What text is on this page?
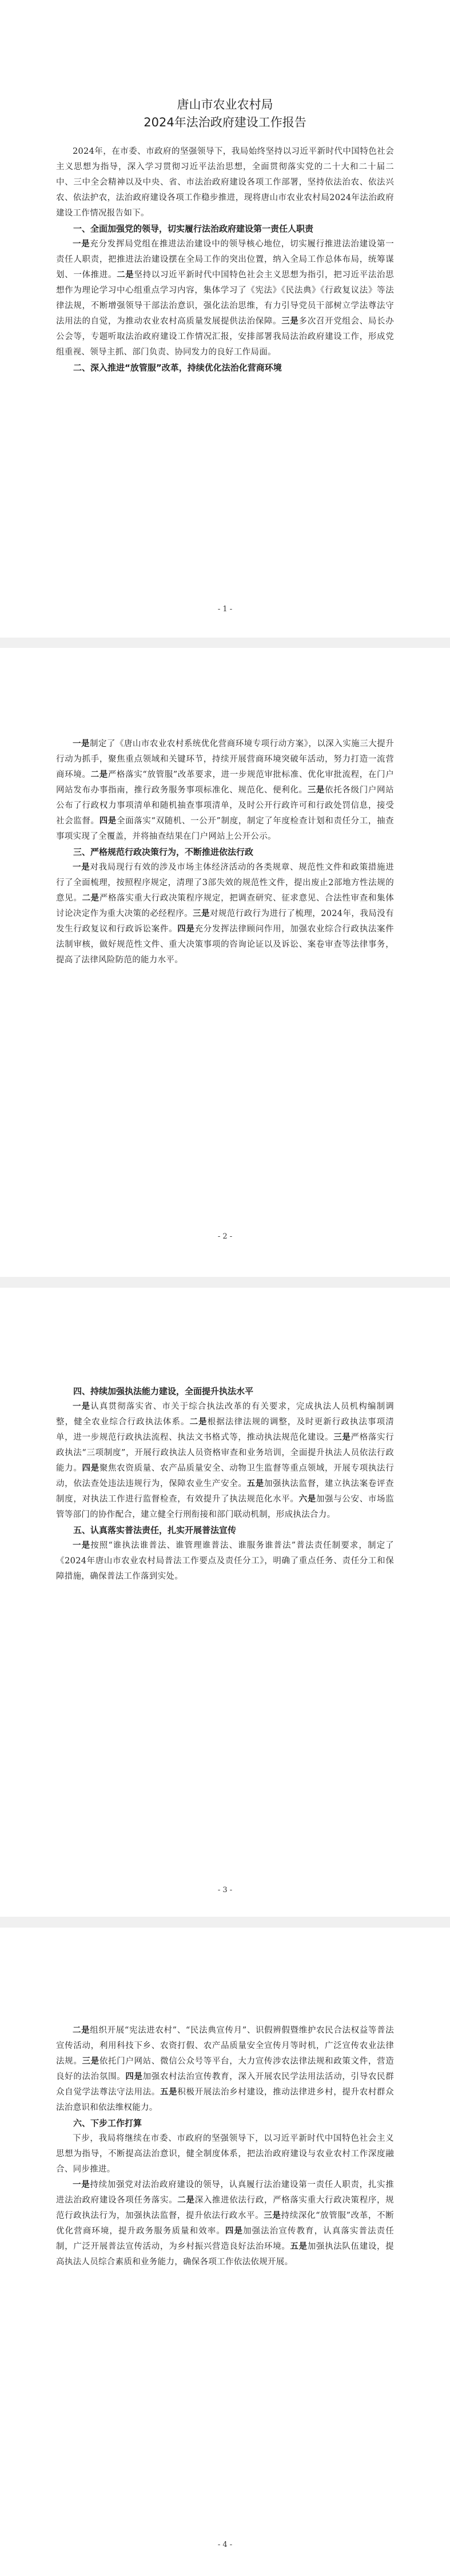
唐山市农业农村局
2024年法治政府建设工作报告

2024年，在市委、市政府的坚强领导下，我局始终坚持以习近平新时代中国特色社会主义思想为指导，深入学习贯彻习近平法治思想，全面贯彻落实党的二十大和二十届二中、三中全会精神以及中央、省、市法治政府建设各项工作部署，坚持依法治农、依法兴农、依法护农，法治政府建设各项工作稳步推进，现将唐山市农业农村局2024年法治政府建设工作情况报告如下。

一、全面加强党的领导，切实履行法治政府建设第一责任人职责

一是充分发挥局党组在推进法治建设中的领导核心地位，切实履行推进法治建设第一责任人职责，把推进法治建设摆在全局工作的突出位置，纳入全局工作总体布局，统筹谋划、一体推进。二是坚持以习近平新时代中国特色社会主义思想为指引，把习近平法治思想作为理论学习中心组重点学习内容，集体学习了《宪法》《民法典》《行政复议法》等法律法规，不断增强领导干部法治意识，强化法治思维，有力引导党员干部树立学法尊法守法用法的自觉，为推动农业农村高质量发展提供法治保障。三是多次召开党组会、局长办公会等，专题听取法治政府建设工作情况汇报，安排部署我局法治政府建设工作，形成党组重视、领导主抓、部门负责、协同发力的良好工作局面。

二、深入推进“放管服”改革，持续优化法治化营商环境
- 1 -

一是制定了《唐山市农业农村系统优化营商环境专项行动方案》，以深入实施三大提升行动为抓手，聚焦重点领域和关键环节，持续开展营商环境突破年活动，努力打造一流营商环境。二是严格落实“放管服”改革要求，进一步规范审批标准、优化审批流程，在门户网站发布办事指南，推行政务服务事项标准化、规范化、便利化。三是依托各级门户网站公布了行政权力事项清单和随机抽查事项清单，及时公开行政许可和行政处罚信息，接受社会监督。四是全面落实“双随机、一公开”制度，制定了年度检查计划和责任分工，抽查事项实现了全覆盖，并将抽查结果在门户网站上公开公示。

三、严格规范行政决策行为，不断推进依法行政

一是对我局现行有效的涉及市场主体经济活动的各类规章、规范性文件和政策措施进行了全面梳理，按照程序规定，清理了3部失效的规范性文件，提出废止2部地方性法规的意见。二是严格落实重大行政决策程序规定，把调查研究、征求意见、合法性审查和集体讨论决定作为重大决策的必经程序。三是对规范行政行为进行了梳理，2024年，我局没有发生行政复议和行政诉讼案件。四是充分发挥法律顾问作用，加强农业综合行政执法案件法制审核，做好规范性文件、重大决策事项的咨询论证以及诉讼、案卷审查等法律事务，提高了法律风险防范的能力水平。

- 2 -
四、持续加强执法能力建设，全面提升执法水平

一是认真贯彻落实省、市关于综合执法改革的有关要求，完成执法人员机构编制调整，健全农业综合行政执法体系。二是根据法律法规的调整，及时更新行政执法事项清单，进一步规范行政执法流程、执法文书格式等，推动执法规范化建设。三是严格落实行政执法“三项制度”，开展行政执法人员资格审查和业务培训，全面提升执法人员依法行政能力。四是聚焦农资质量、农产品质量安全、动物卫生监督等重点领域，开展专项执法行动，依法查处违法违规行为，保障农业生产安全。五是加强执法监督，建立执法案卷评查制度，对执法工作进行监督检查，有效提升了执法规范化水平。六是加强与公安、市场监管等部门的协作配合，建立健全行刑衔接和部门联动机制，形成执法合力。

五、认真落实普法责任，扎实开展普法宣传

一是按照“谁执法谁普法、谁管理谁普法、谁服务谁普法”普法责任制要求，制定了《2024年唐山市农业农村局普法工作要点及责任分工》，明确了重点任务、责任分工和保障措施，确保普法工作落到实处。

- 3 -

二是组织开展“宪法进农村”、“民法典宣传月”、识假辨假暨维护农民合法权益等普法宣传活动，利用科技下乡、农资打假、农产品质量安全宣传月等时机，广泛宣传农业法律法规。三是依托门户网站、微信公众号等平台，大力宣传涉农法律法规和政策文件，营造良好的法治氛围。四是加强农村法治宣传教育，深入开展农民学法用法活动，引导农民群众自觉学法尊法守法用法。五是积极开展法治乡村建设，推动法律进乡村，提升农村群众法治意识和依法维权能力。

六、下步工作打算

下步，我局将继续在市委、市政府的坚强领导下，以习近平新时代中国特色社会主义思想为指导，不断提高法治意识，健全制度体系，把法治政府建设与农业农村工作深度融合、同步推进。

一是持续加强党对法治政府建设的领导，认真履行法治建设第一责任人职责，扎实推进法治政府建设各项任务落实。二是深入推进依法行政，严格落实重大行政决策程序，规范行政执法行为，加强执法监督，提升依法行政水平。三是持续深化“放管服”改革，不断优化营商环境，提升政务服务质量和效率。四是加强法治宣传教育，认真落实普法责任制，广泛开展普法宣传活动，为乡村振兴营造良好法治环境。五是加强执法队伍建设，提高执法人员综合素质和业务能力，确保各项工作依法依规开展。

- 4 -
